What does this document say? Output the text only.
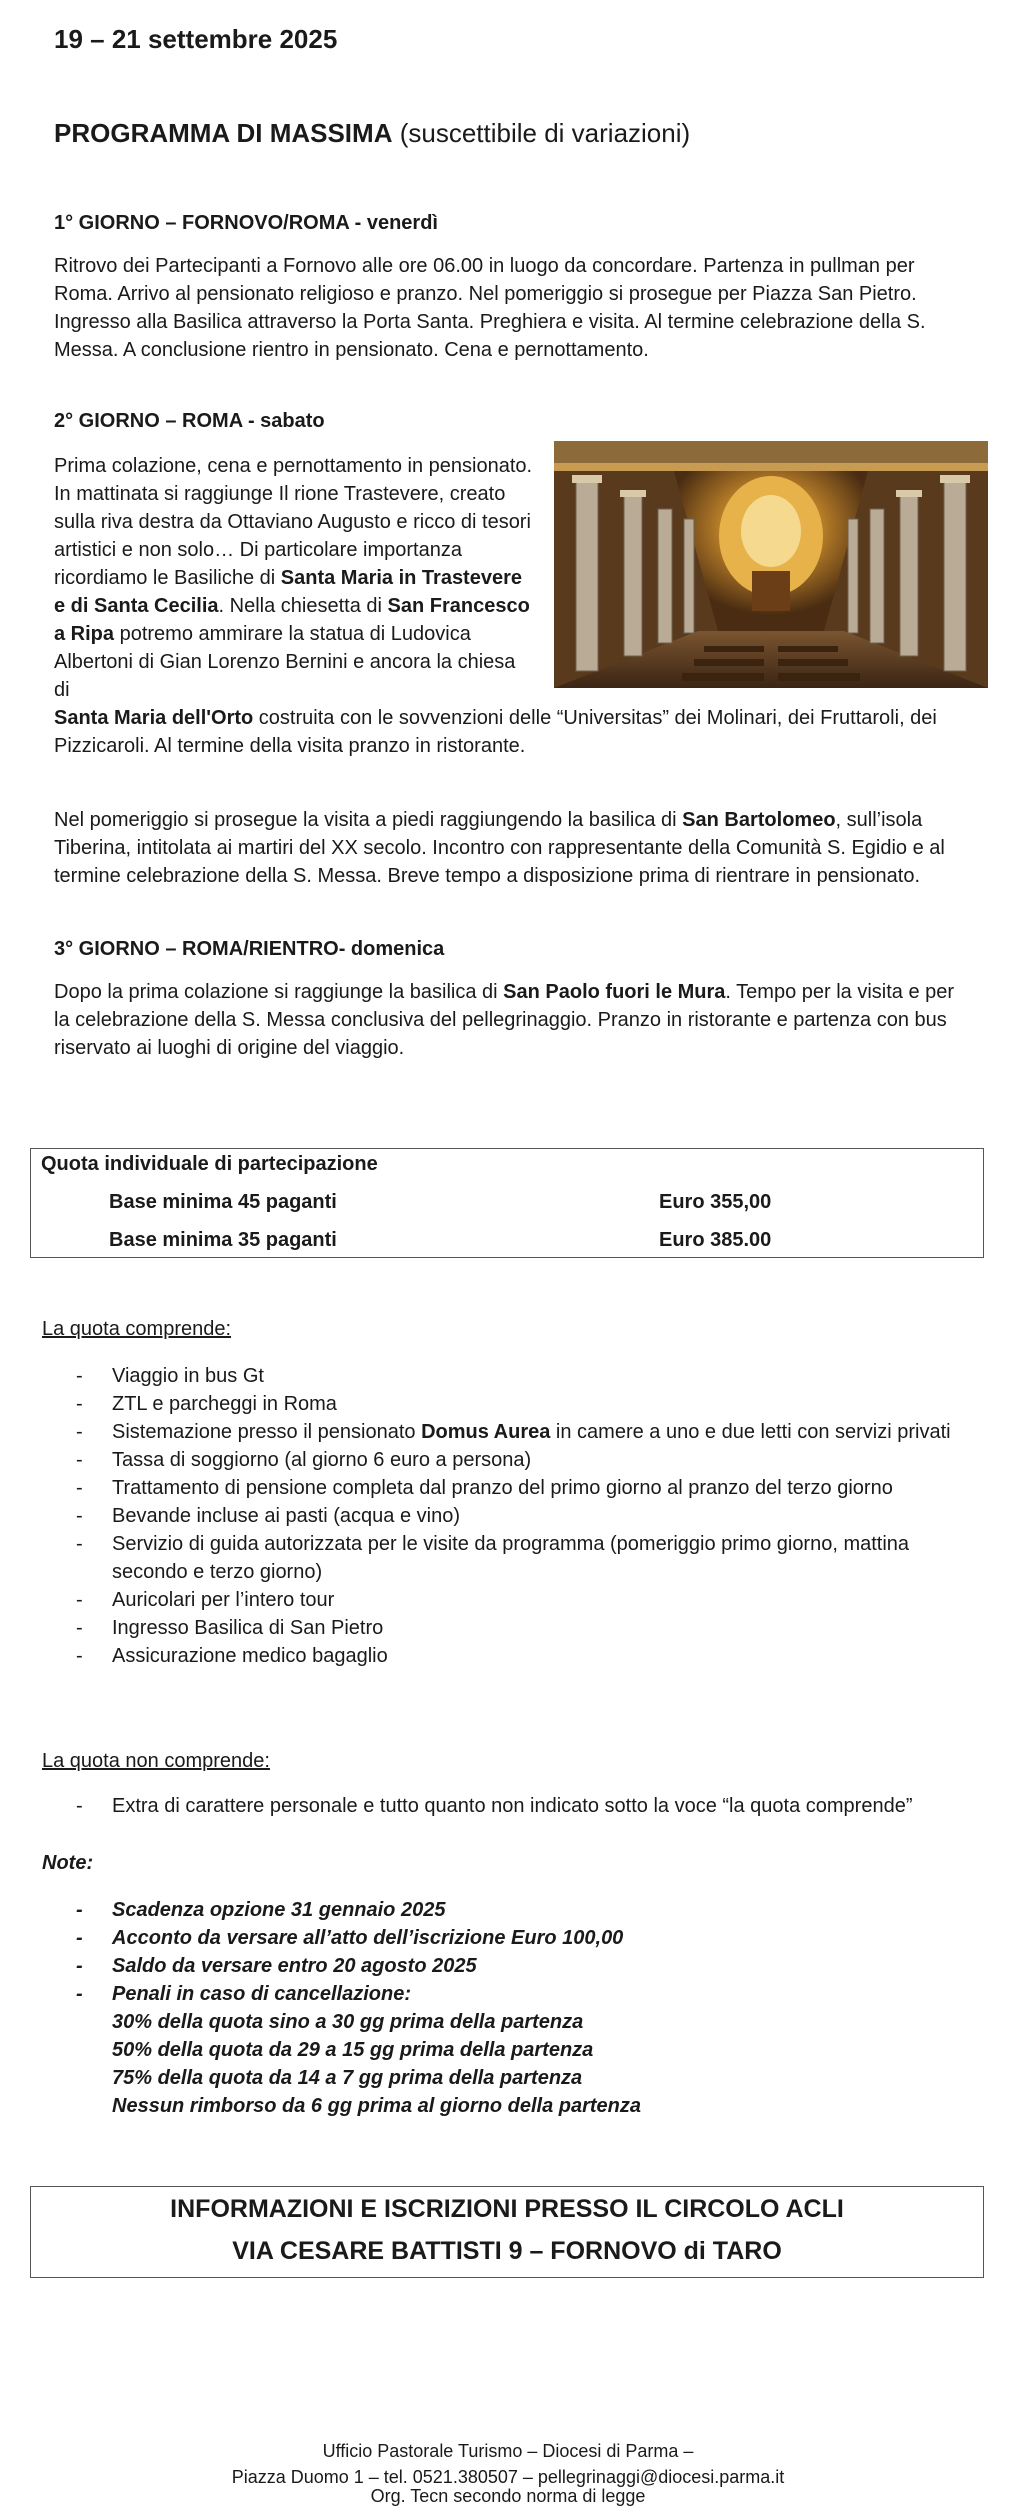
19 – 21 settembre 2025
PROGRAMMA DI MASSIMA (suscettibile di variazioni)
1° GIORNO – FORNOVO/ROMA - venerdì

Ritrovo dei Partecipanti a Fornovo alle ore 06.00 in luogo da concordare. Partenza in pullman per Roma. Arrivo al pensionato religioso e pranzo. Nel pomeriggio si prosegue per Piazza San Pietro. Ingresso alla Basilica attraverso la Porta Santa. Preghiera e visita. Al termine celebrazione della S. Messa. A conclusione rientro in pensionato. Cena e pernottamento.

2° GIORNO – ROMA - sabato

Prima colazione, cena e pernottamento in pensionato. In mattinata si raggiunge Il rione Trastevere, creato sulla riva destra da Ottaviano Augusto e ricco di tesori artistici e non solo… Di particolare importanza ricordiamo le Basiliche di Santa Maria in Trastevere e di Santa Cecilia. Nella chiesetta di San Francesco a Ripa potremo ammirare la statua di Ludovica Albertoni di Gian Lorenzo Bernini e ancora la chiesa di

Santa Maria dell'Orto costruita con le sovvenzioni delle “Universitas” dei Molinari, dei Fruttaroli, dei Pizzicaroli. Al termine della visita pranzo in ristorante.

Nel pomeriggio si prosegue la visita a piedi raggiungendo la basilica di San Bartolomeo, sull’isola Tiberina, intitolata ai martiri del XX secolo. Incontro con rappresentante della Comunità S. Egidio e al termine celebrazione della S. Messa. Breve tempo a disposizione prima di rientrare in pensionato.

3° GIORNO – ROMA/RIENTRO- domenica

Dopo la prima colazione si raggiunge la basilica di San Paolo fuori le Mura. Tempo per la visita e per la celebrazione della S. Messa conclusiva del pellegrinaggio. Pranzo in ristorante e partenza con bus riservato ai luoghi di origine del viaggio.

Quota individuale di partecipazione
Base minima 45 paganti	Euro 355,00
Base minima 35 paganti	Euro 385.00
La quota comprende:
- Viaggio in bus Gt
- ZTL e parcheggi in Roma
- Sistemazione presso il pensionato Domus Aurea in camere a uno e due letti con servizi privati
- Tassa di soggiorno (al giorno 6 euro a persona)
- Trattamento di pensione completa dal pranzo del primo giorno al pranzo del terzo giorno
- Bevande incluse ai pasti (acqua e vino)
- Servizio di guida autorizzata per le visite da programma (pomeriggio primo giorno, mattina secondo e terzo giorno)
- Auricolari per l’intero tour
- Ingresso Basilica di San Pietro
- Assicurazione medico bagaglio
La quota non comprende:
- Extra di carattere personale e tutto quanto non indicato sotto la voce “la quota comprende”
Note:
- Scadenza opzione 31 gennaio 2025
- Acconto da versare all’atto dell’iscrizione Euro 100,00
- Saldo da versare entro 20 agosto 2025
- Penali in caso di cancellazione:
30% della quota sino a 30 gg prima della partenza
50% della quota da 29 a 15 gg prima della partenza
75% della quota da 14 a 7 gg prima della partenza
Nessun rimborso da 6 gg prima al giorno della partenza
INFORMAZIONI E ISCRIZIONI PRESSO IL CIRCOLO ACLI
VIA CESARE BATTISTI 9 – FORNOVO di TARO
Ufficio Pastorale Turismo – Diocesi di Parma –
Piazza Duomo 1 – tel. 0521.380507 – pellegrinaggi@diocesi.parma.it
Org. Tecn secondo norma di legge
